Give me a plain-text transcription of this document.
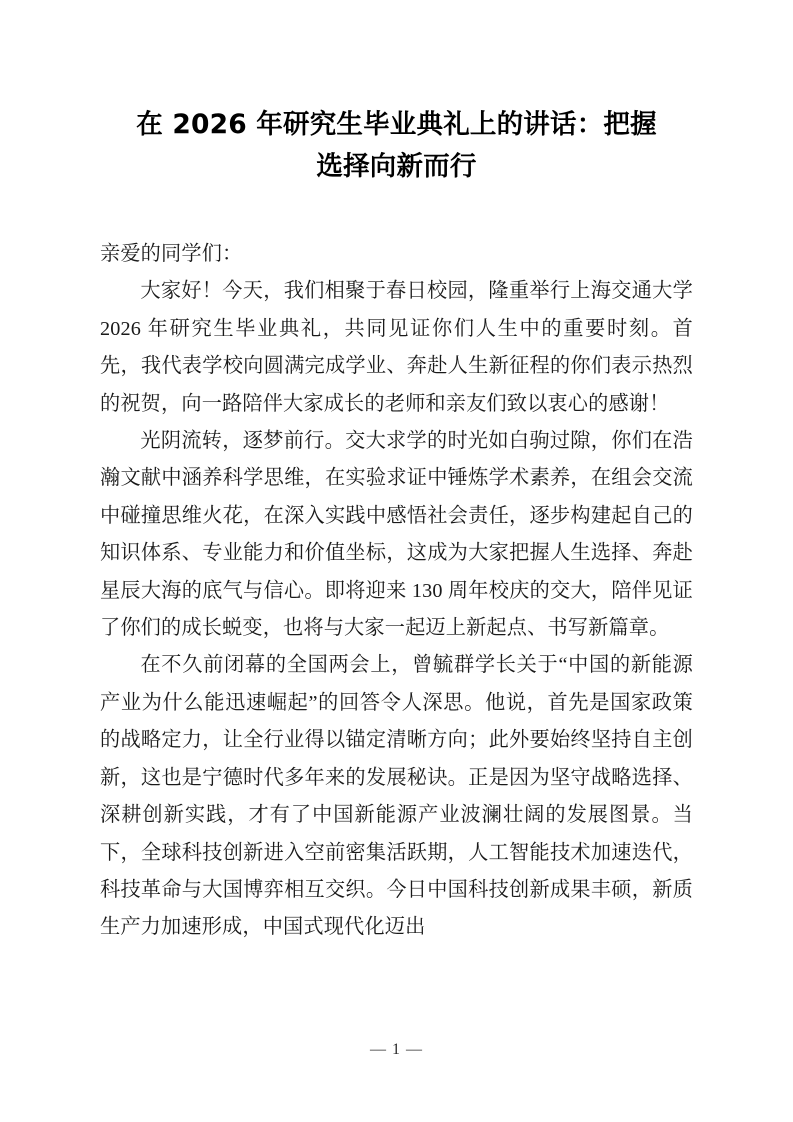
在 2026 年研究生毕业典礼上的讲话：把握
选择向新而行

亲爱的同学们：

大家好！今天，我们相聚于春日校园，隆重举行上海交通大学 2026 年研究生毕业典礼，共同见证你们人生中的重要时刻。首先，我代表学校向圆满完成学业、奔赴人生新征程的你们表示热烈的祝贺，向一路陪伴大家成长的老师和亲友们致以衷心的感谢！

光阴流转，逐梦前行。交大求学的时光如白驹过隙，你们在浩瀚文献中涵养科学思维，在实验求证中锤炼学术素养，在组会交流中碰撞思维火花，在深入实践中感悟社会责任，逐步构建起自己的知识体系、专业能力和价值坐标，这成为大家把握人生选择、奔赴星辰大海的底气与信心。即将迎来 130 周年校庆的交大，陪伴见证了你们的成长蜕变，也将与大家一起迈上新起点、书写新篇章。

在不久前闭幕的全国两会上，曾毓群学长关于“中国的新能源产业为什么能迅速崛起”的回答令人深思。他说，首先是国家政策的战略定力，让全行业得以锚定清晰方向；此外要始终坚持自主创新，这也是宁德时代多年来的发展秘诀。正是因为坚守战略选择、深耕创新实践，才有了中国新能源产业波澜壮阔的发展图景。当下，全球科技创新进入空前密集活跃期，人工智能技术加速迭代，科技革命与大国博弈相互交织。今日中国科技创新成果丰硕，新质生产力加速形成，中国式现代化迈出

— 1 —
